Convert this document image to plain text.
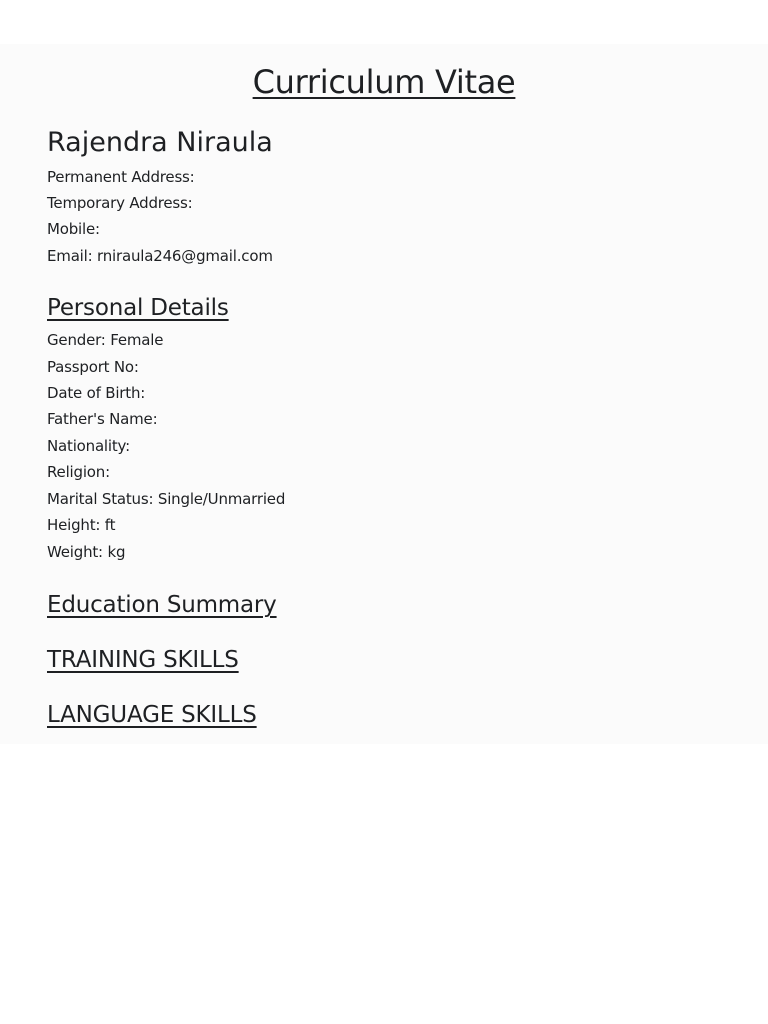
Curriculum Vitae
Rajendra Niraula

Permanent Address:

Temporary Address:

Mobile:

Email: rniraula246@gmail.com

Personal Details

Gender: Female

Passport No:

Date of Birth:

Father's Name:

Nationality:

Religion:

Marital Status: Single/Unmarried

Height: ft

Weight: kg

Education Summary
TRAINING SKILLS
LANGUAGE SKILLS
